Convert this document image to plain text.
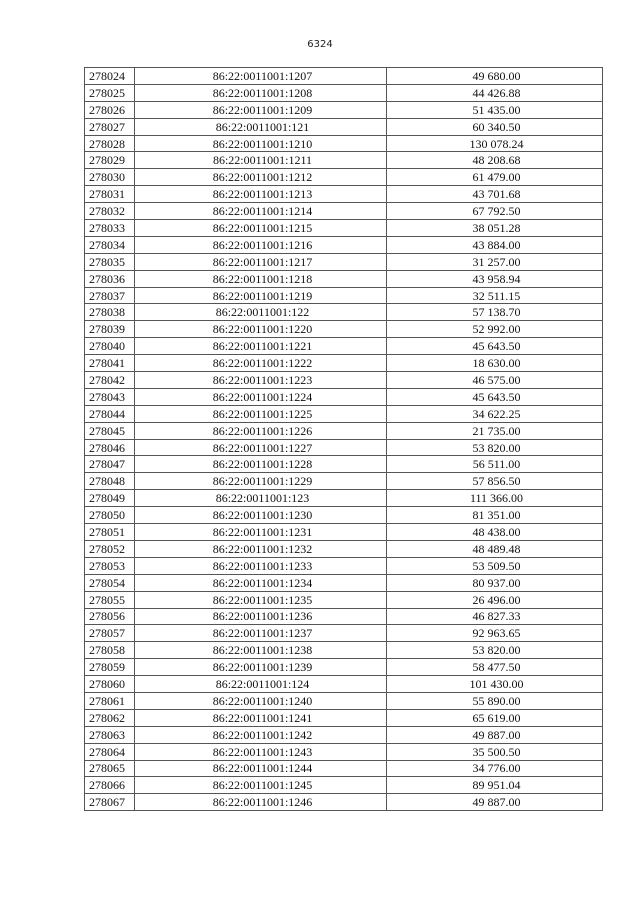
6324
278024	86:22:0011001:1207	49 680.00
278025	86:22:0011001:1208	44 426.88
278026	86:22:0011001:1209	51 435.00
278027	86:22:0011001:121	60 340.50
278028	86:22:0011001:1210	130 078.24
278029	86:22:0011001:1211	48 208.68
278030	86:22:0011001:1212	61 479.00
278031	86:22:0011001:1213	43 701.68
278032	86:22:0011001:1214	67 792.50
278033	86:22:0011001:1215	38 051.28
278034	86:22:0011001:1216	43 884.00
278035	86:22:0011001:1217	31 257.00
278036	86:22:0011001:1218	43 958.94
278037	86:22:0011001:1219	32 511.15
278038	86:22:0011001:122	57 138.70
278039	86:22:0011001:1220	52 992.00
278040	86:22:0011001:1221	45 643.50
278041	86:22:0011001:1222	18 630.00
278042	86:22:0011001:1223	46 575.00
278043	86:22:0011001:1224	45 643.50
278044	86:22:0011001:1225	34 622.25
278045	86:22:0011001:1226	21 735.00
278046	86:22:0011001:1227	53 820.00
278047	86:22:0011001:1228	56 511.00
278048	86:22:0011001:1229	57 856.50
278049	86:22:0011001:123	111 366.00
278050	86:22:0011001:1230	81 351.00
278051	86:22:0011001:1231	48 438.00
278052	86:22:0011001:1232	48 489.48
278053	86:22:0011001:1233	53 509.50
278054	86:22:0011001:1234	80 937.00
278055	86:22:0011001:1235	26 496.00
278056	86:22:0011001:1236	46 827.33
278057	86:22:0011001:1237	92 963.65
278058	86:22:0011001:1238	53 820.00
278059	86:22:0011001:1239	58 477.50
278060	86:22:0011001:124	101 430.00
278061	86:22:0011001:1240	55 890.00
278062	86:22:0011001:1241	65 619.00
278063	86:22:0011001:1242	49 887.00
278064	86:22:0011001:1243	35 500.50
278065	86:22:0011001:1244	34 776.00
278066	86:22:0011001:1245	89 951.04
278067	86:22:0011001:1246	49 887.00
